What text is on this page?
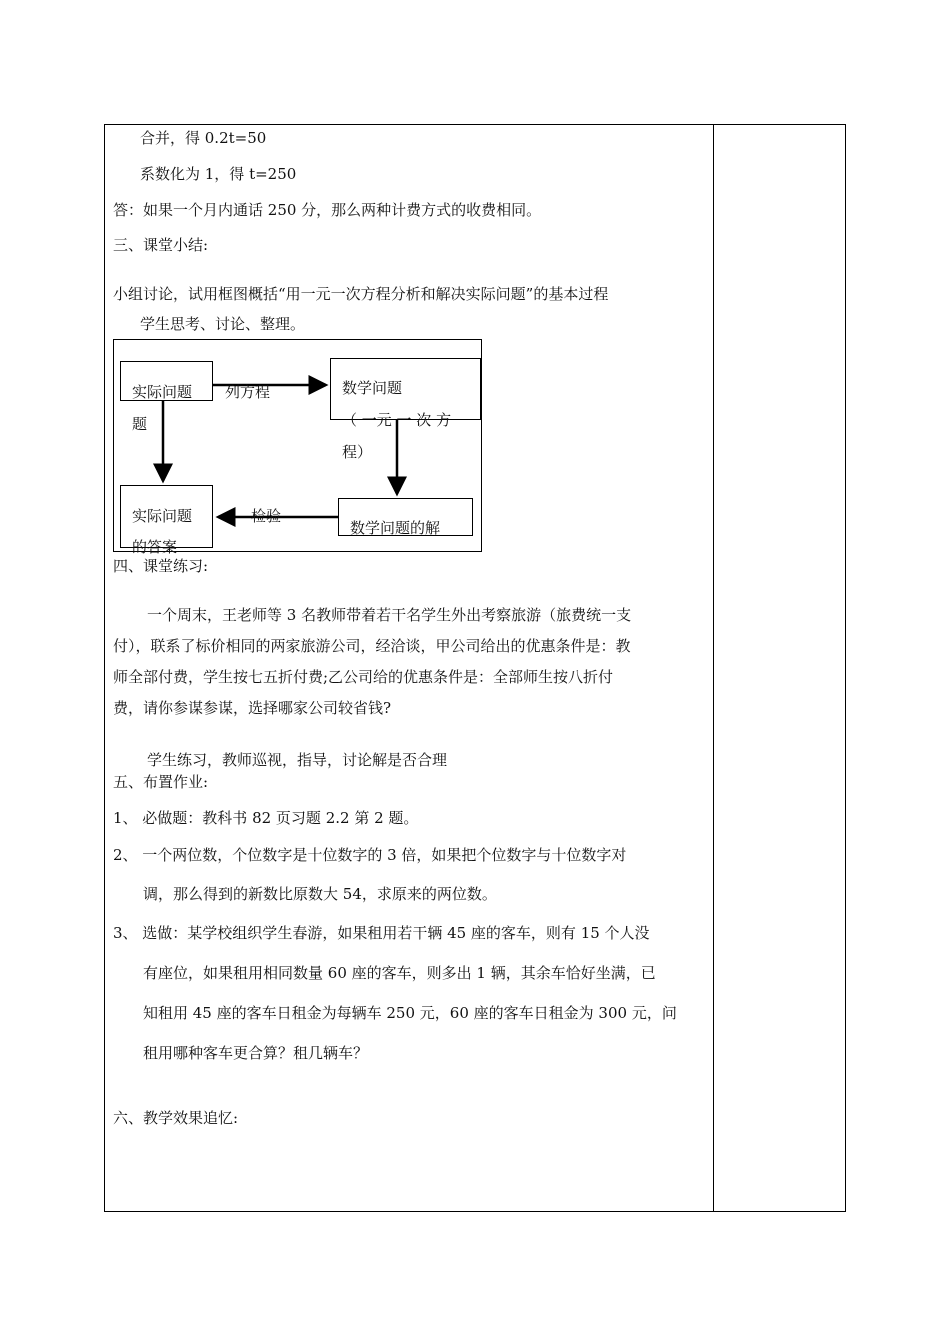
合并，得 0.2t=50
系数化为 1，得 t=250
答：如果一个月内通话 250 分，那么两种计费方式的收费相同。
三、课堂小结:
小组讨论，试用框图概括“用一元一次方程分析和解决实际问题”的基本过程
学生思考、讨论、整理。
实际问题
题
列方程	数学问题
（ 一元 一 次 方
程）
数学问题的解
检验
实际问题
的答案
四、课堂练习:
一个周末，王老师等 3 名教师带着若干名学生外出考察旅游（旅费统一支
付），联系了标价相同的两家旅游公司，经洽谈，甲公司给出的优惠条件是：教
师全部付费，学生按七五折付费;乙公司给的优惠条件是：全部师生按八折付
费，请你参谋参谋，选择哪家公司较省钱?
学生练习，教师巡视，指导，讨论解是否合理
五、布置作业:
1、 必做题：教科书 82 页习题 2.2 第 2 题。
2、 一个两位数，个位数字是十位数字的 3 倍，如果把个位数字与十位数字对
调，那么得到的新数比原数大 54，求原来的两位数。
3、 选做：某学校组织学生春游，如果租用若干辆 45 座的客车，则有 15 个人没
有座位，如果租用相同数量 60 座的客车，则多出 1 辆，其余车恰好坐满，已
知租用 45 座的客车日租金为每辆车 250 元，60 座的客车日租金为 300 元，问
租用哪种客车更合算？租几辆车？
六、教学效果追忆:
